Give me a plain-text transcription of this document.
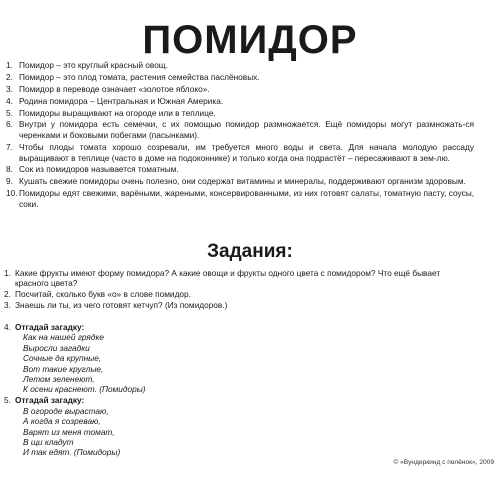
ПОМИДОР
1. Помидор – это круглый красный овощ.
2. Помидор – это плод томата, растения семейства паслёновых.
3. Помидор в переводе означает «золотое яблоко».
4. Родина помидора – Центральная и Южная Америка.
5. Помидоры выращивают на огороде или в теплице.
6. Внутри у помидора есть семечки, с их помощью помидор размножается. Ещё помидоры могут размножать-ся черенками и боковыми побегами (пасынками).
7. Чтобы плоды томата хорошо созревали, им требуется много воды и света. Для начала молодую рассаду выращивают в теплице (часто в доме на подоконнике) и только когда она подрастёт – пересаживают в зем-лю.
8. Сок из помидоров называется томатным.
9. Кушать свежие помидоры очень полезно, они содержат витамины и минералы, поддерживают организм здоровым.
10. Помидоры едят свежими, варёными, жареными, консервированными, из них готовят салаты, томатную пасту, соусы, соки.
Задания:
1. Какие фрукты имеют форму помидора? А какие овощи и фрукты одного цвета с помидором? Что ещё бывает красного цвета?
2. Посчитай, сколько букв «о» в слове помидор.
3. Знаешь ли ты, из чего готовят кетчуп? (Из помидоров.)
4. Отгадай загадку:
Как на нашей грядке
Выросли загадки
Сочные да крупные,
Вот такие круглые,
Летом зеленеют,
К осени краснеют. (Помидоры)
5. Отгадай загадку:
В огороде вырастаю,
А когда я созреваю,
Варят из меня томат,
В щи кладут
И так едят. (Помидоры)
© «Вундеркинд с пелёнок», 2009
